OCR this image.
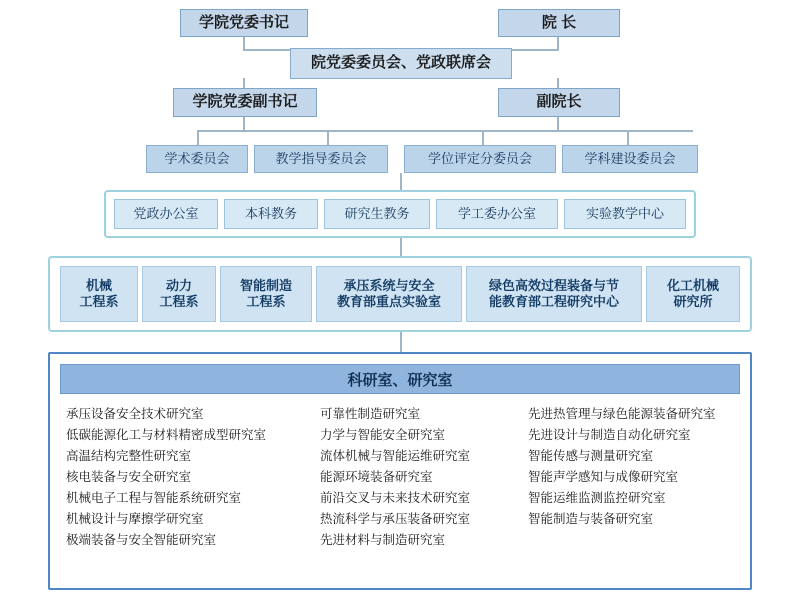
学院党委书记	院 长
院党委委员会、党政联席会
学院党委副书记	副院长
学术委员会	教学指导委员会	学位评定分委员会	学科建设委员会
党政办公室	本科教务	研究生教务	学工委办公室	实验教学中心
机械
工程系
动力
工程系
智能制造
工程系
承压系统与安全
教育部重点实验室
绿色高效过程装备与节
能教育部工程研究中心
化工机械
研究所
科研室、研究室
承压设备安全技术研究室
低碳能源化工与材料精密成型研究室
高温结构完整性研究室
核电装备与安全研究室
机械电子工程与智能系统研究室
机械设计与摩擦学研究室
极端装备与安全智能研究室
可靠性制造研究室
力学与智能安全研究室
流体机械与智能运维研究室
能源环境装备研究室
前沿交叉与未来技术研究室
热流科学与承压装备研究室
先进材料与制造研究室
先进热管理与绿色能源装备研究室
先进设计与制造自动化研究室
智能传感与测量研究室
智能声学感知与成像研究室
智能运维监测监控研究室
智能制造与装备研究室
